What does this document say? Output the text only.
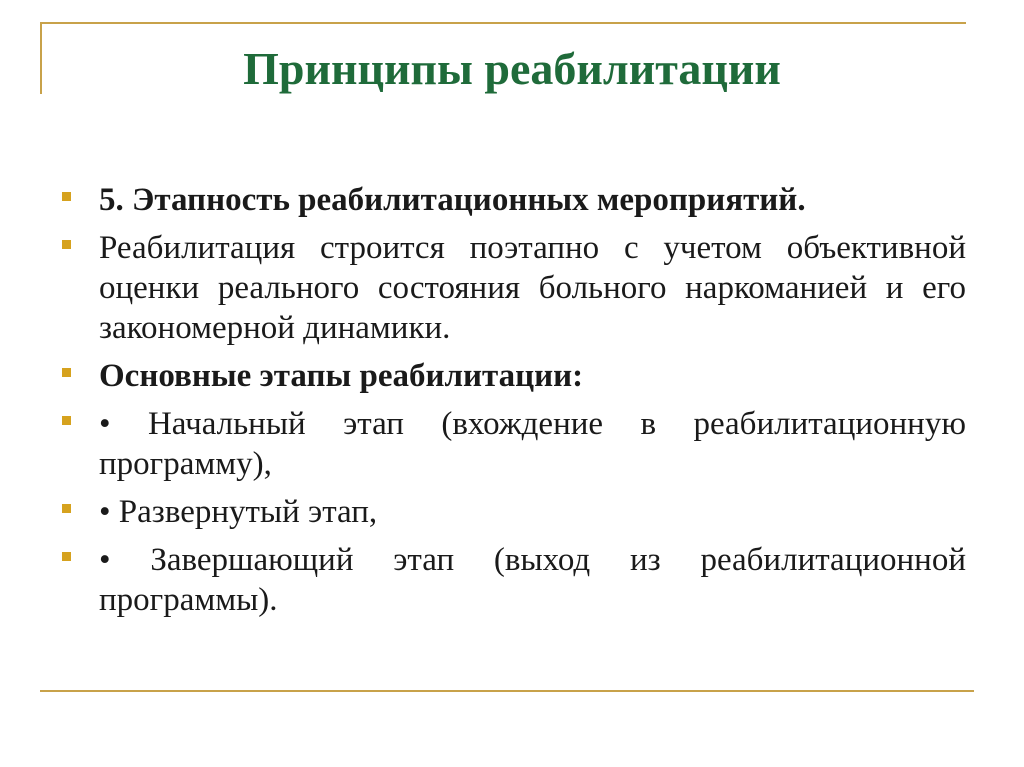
Принципы реабилитации
5. Этапность реабилитационных мероприятий.
Реабилитация строится поэтапно с учетом объективной оценки реального состояния больного наркоманией и его закономерной динамики.
Основные этапы реабилитации:
• Начальный этап (вхождение в реабилитационную программу),
• Развернутый этап,
• Завершающий этап (выход из реабилитационной программы).
